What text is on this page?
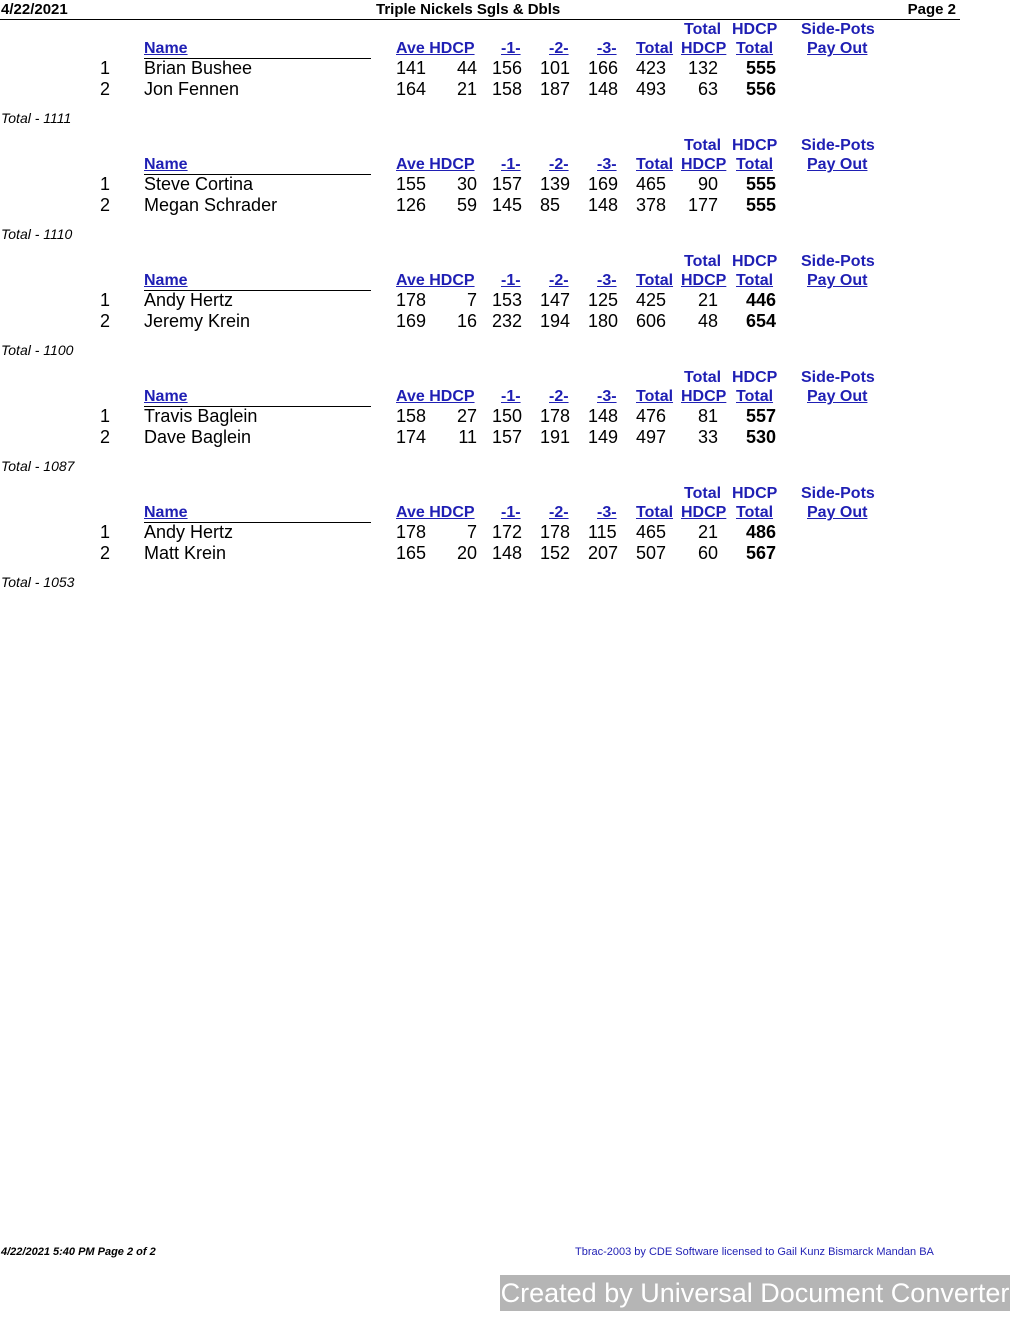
4/22/2021	Triple Nickels Sgls & Dbls	Page 2
Total HDCP Side-Pots
Name	Ave HDCP -1- -2- -3- Total HDCP Total Pay Out
1 Brian Bushee	141	44 156 101 166 423	132	555
2 Jon Fennen	164	21 158 187 148 493	63	556
Total - 1111
Total HDCP Side-Pots
Name	Ave HDCP -1- -2- -3- Total HDCP Total Pay Out
1 Steve Cortina	155	30 157 139 169 465	90	555
2 Megan Schrader	126	59 145 85	148 378	177	555
Total - 1110
Total HDCP Side-Pots
Name	Ave HDCP -1- -2- -3- Total HDCP Total Pay Out
1 Andy Hertz	178	7 153 147 125 425	21	446
2 Jeremy Krein	169	16 232 194 180 606	48	654
Total - 1100
Total HDCP Side-Pots
Name	Ave HDCP -1- -2- -3- Total HDCP Total Pay Out
1 Travis Baglein	158	27 150 178 148 476	81	557
2 Dave Baglein	174	11 157 191 149 497	33	530
Total - 1087
Total HDCP Side-Pots
Name	Ave HDCP -1- -2- -3- Total HDCP Total Pay Out
1 Andy Hertz	178	7 172 178 115 465	21	486
2 Matt Krein	165	20 148 152 207 507	60	567
Total - 1053
4/22/2021 5:40 PM Page 2 of 2	Tbrac-2003 by CDE Software licensed to Gail Kunz Bismarck Mandan BA
Created by Universal Document Converter
